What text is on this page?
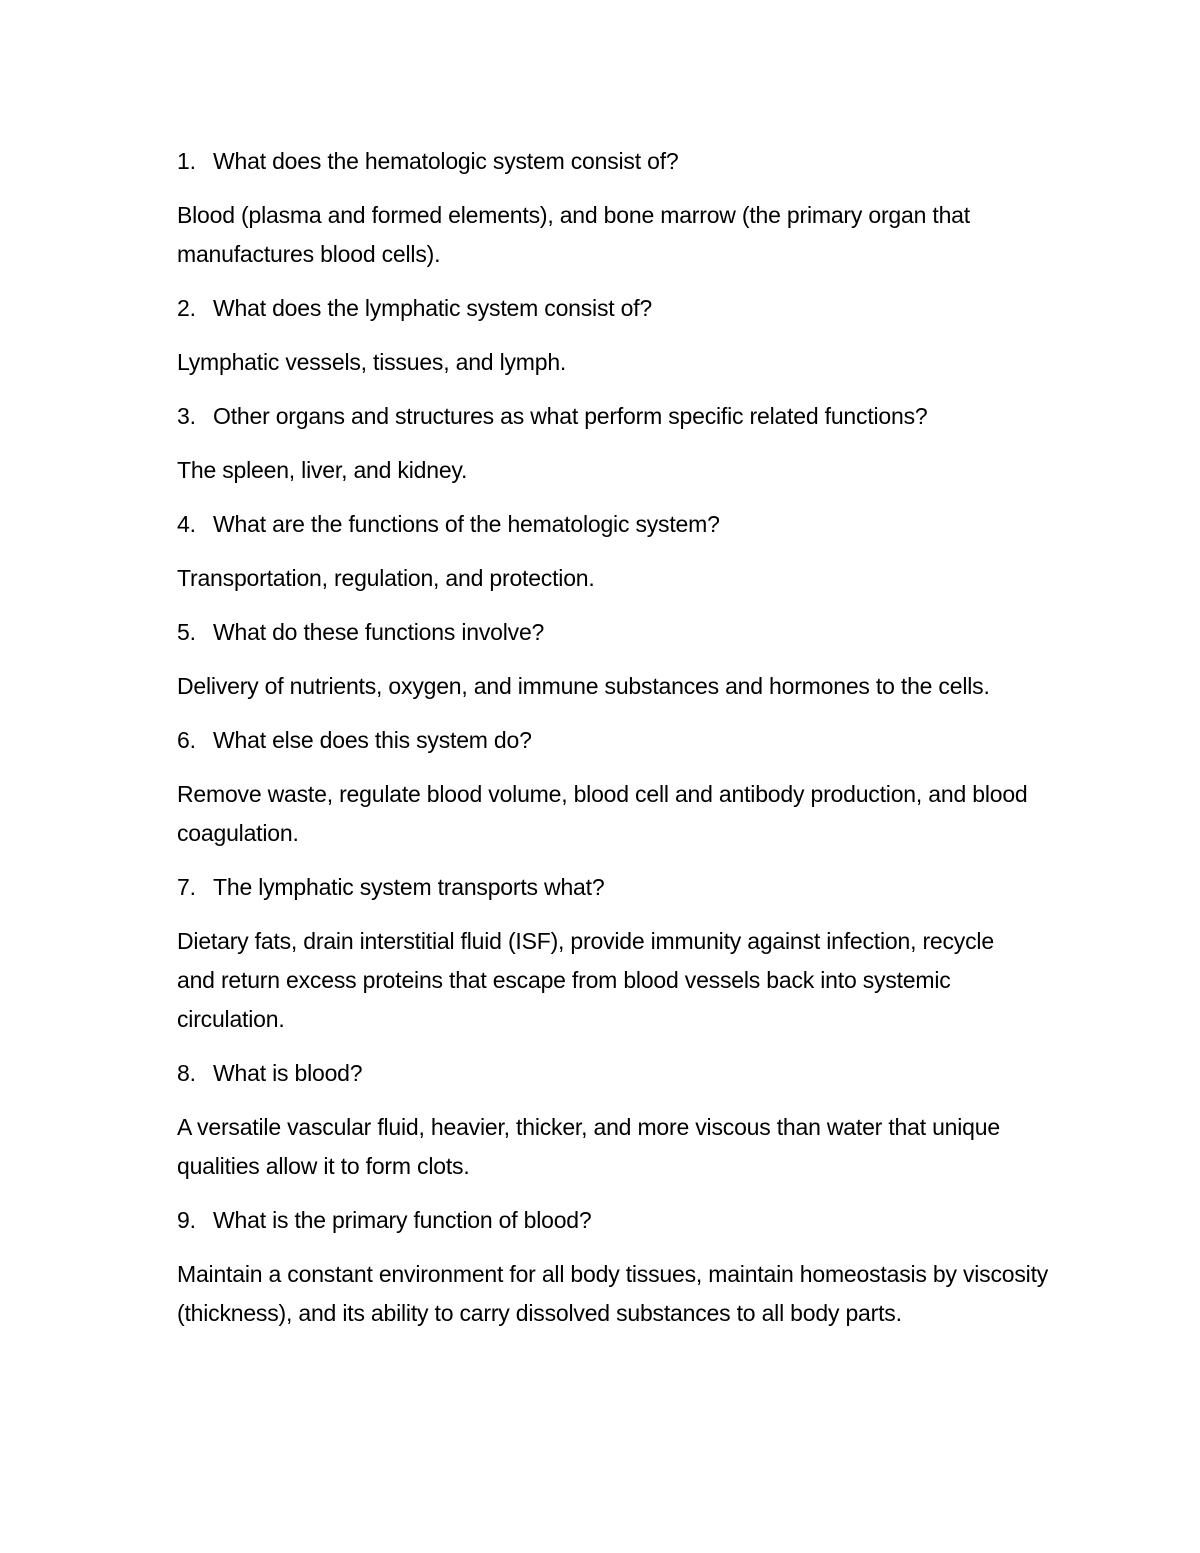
1. What does the hematologic system consist of?

Blood (plasma and formed elements), and bone marrow (the primary organ that manufactures blood cells).

2. What does the lymphatic system consist of?

Lymphatic vessels, tissues, and lymph.

3. Other organs and structures as what perform specific related functions?

The spleen, liver, and kidney.

4. What are the functions of the hematologic system?

Transportation, regulation, and protection.

5. What do these functions involve?

Delivery of nutrients, oxygen, and immune substances and hormones to the cells.

6. What else does this system do?

Remove waste, regulate blood volume, blood cell and antibody production, and blood coagulation.

7. The lymphatic system transports what?

Dietary fats, drain interstitial fluid (ISF), provide immunity against infection, recycle and return excess proteins that escape from blood vessels back into systemic circulation.

8. What is blood?

A versatile vascular fluid, heavier, thicker, and more viscous than water that unique qualities allow it to form clots.

9. What is the primary function of blood?

Maintain a constant environment for all body tissues, maintain homeostasis by viscosity (thickness), and its ability to carry dissolved substances to all body parts.
